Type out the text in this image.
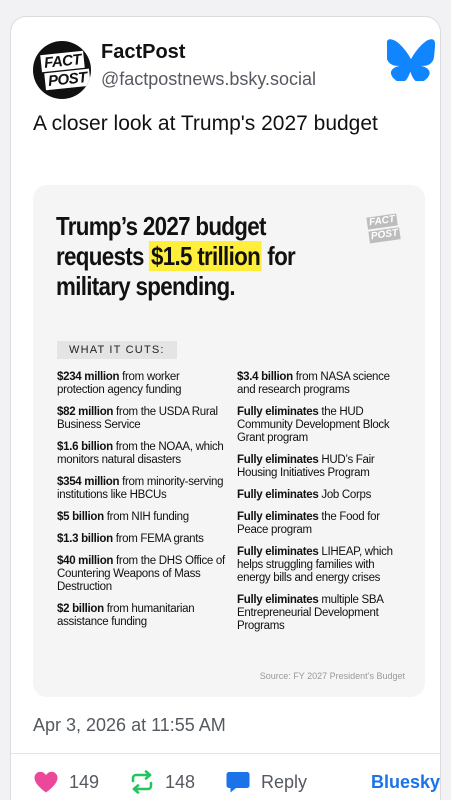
FACT
POST
FactPost
@factpostnews.bsky.social
A closer look at Trump's 2027 budget
Trump’s 2027 budget requests $1.5 trillion for military spending.
FACT
POST
WHAT IT CUTS:
$234 million from worker protection agency funding
$82 million from the USDA Rural Business Service
$1.6 billion from the NOAA, which monitors natural disasters
$354 million from minority-serving institutions like HBCUs
$5 billion from NIH funding
$1.3 billion from FEMA grants
$40 million from the DHS Office of Countering Weapons of Mass Destruction
$2 billion from humanitarian assistance funding
$3.4 billion from NASA science and research programs
Fully eliminates the HUD Community Development Block Grant program
Fully eliminates HUD’s Fair Housing Initiatives Program
Fully eliminates Job Corps
Fully eliminates the Food for Peace program
Fully eliminates LIHEAP, which helps struggling families with energy bills and energy crises
Fully eliminates multiple SBA Entrepreneurial Development Programs
Source: FY 2027 President’s Budget
Apr 3, 2026 at 11:55 AM
149	148	Reply	Bluesky
